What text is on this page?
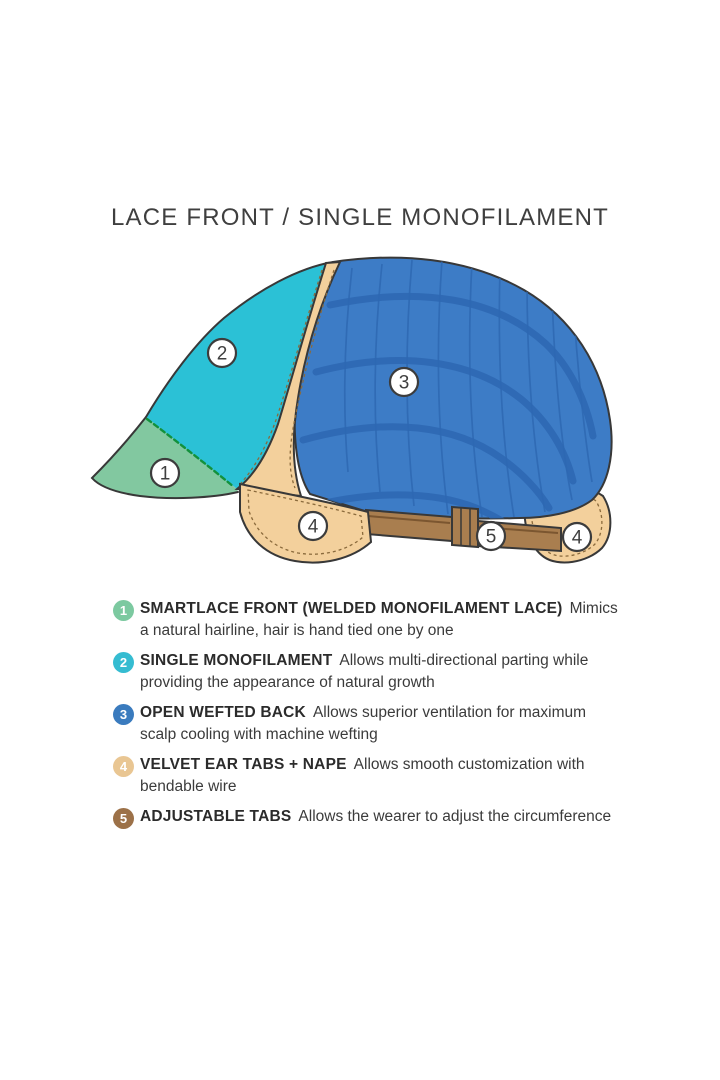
LACE FRONT / SINGLE MONOFILAMENT
1
2
3
4	5	4
1 SMARTLACE FRONT (WELDED MONOFILAMENT LACE) Mimics a natural hairline, hair is hand tied one by one

2 SINGLE MONOFILAMENT Allows multi-directional parting while providing the appearance of natural growth

3 OPEN WEFTED BACK Allows superior ventilation for maximum scalp cooling with machine wefting

4 VELVET EAR TABS + NAPE Allows smooth customization with bendable wire

5 ADJUSTABLE TABS Allows the wearer to adjust the circumference
